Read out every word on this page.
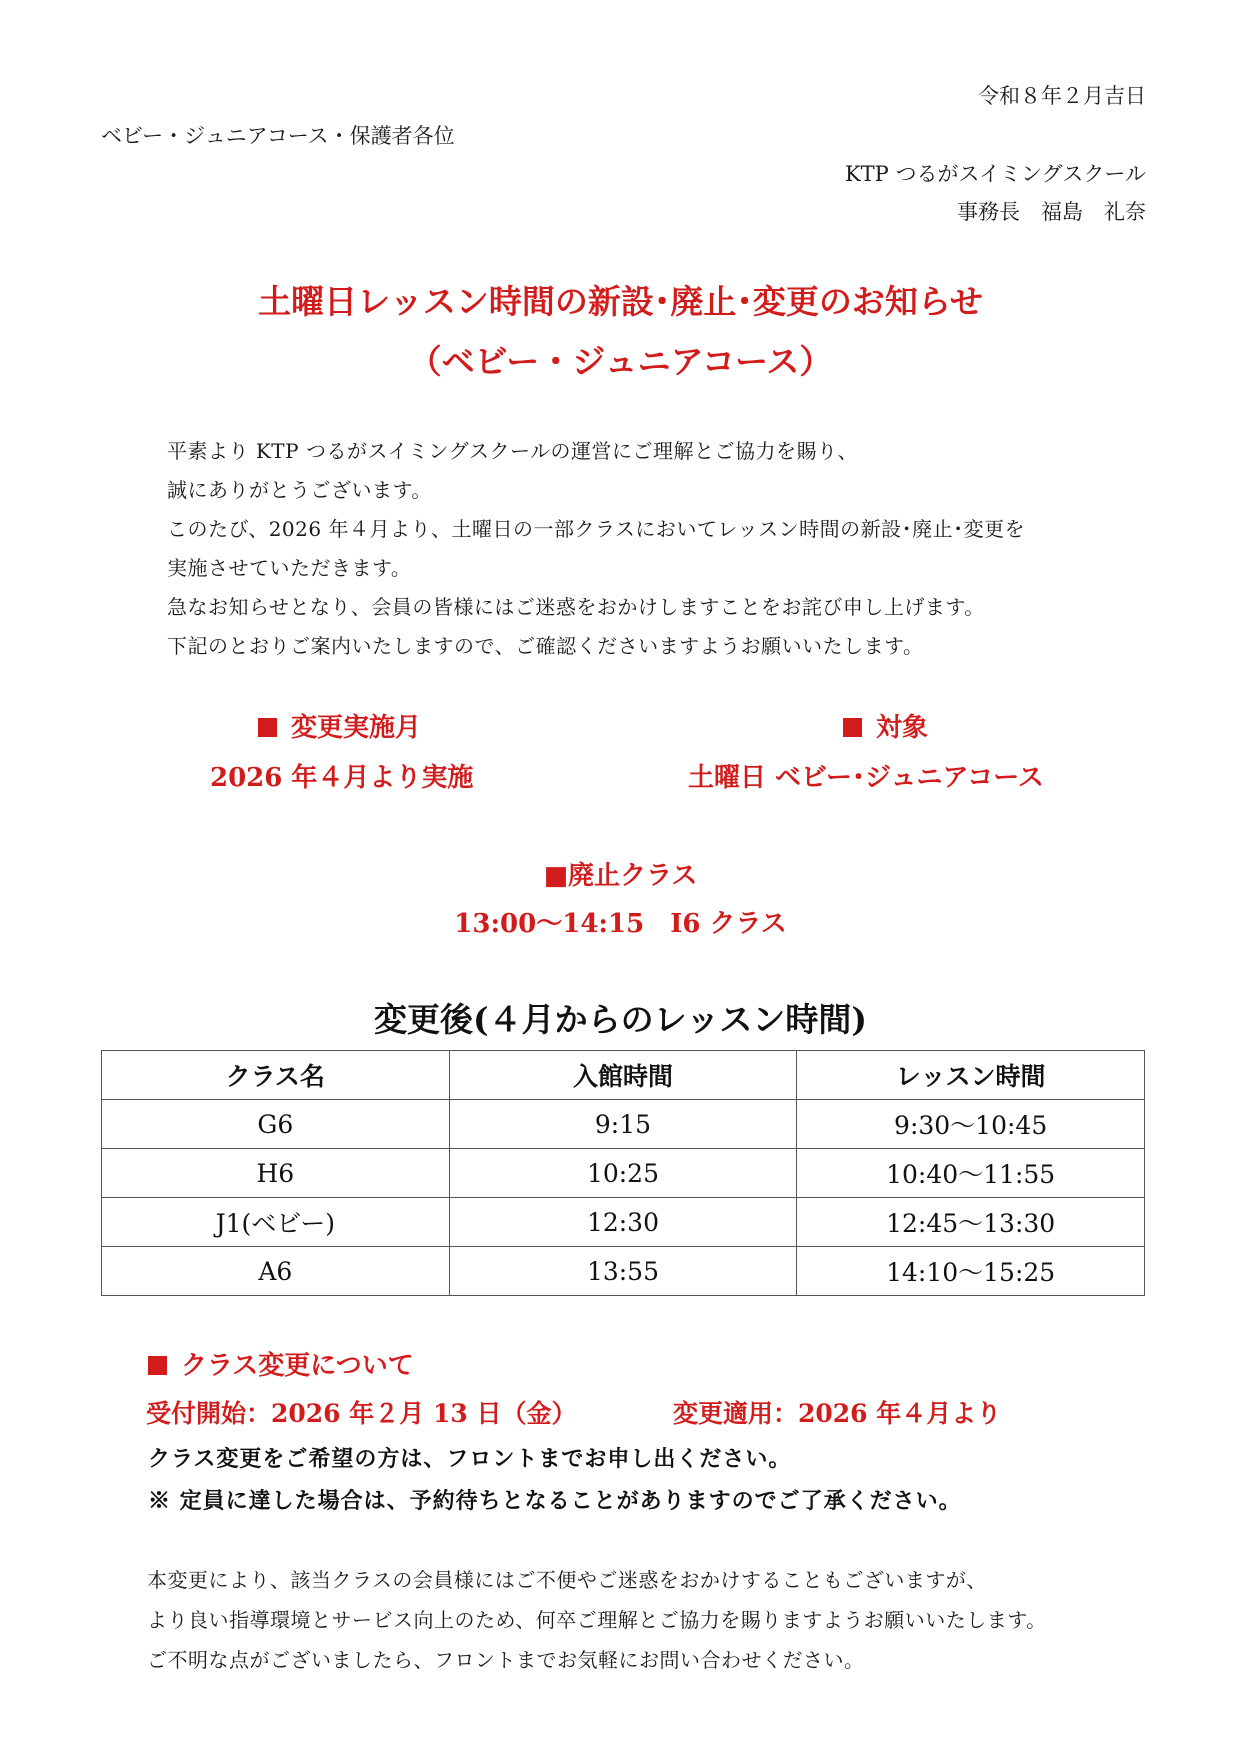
令和８年２月吉日
ベビー・ジュニアコース・保護者各位
KTP つるがスイミングスクール
事務長　福島　礼奈
土曜日レッスン時間の新設･廃止･変更のお知らせ
（ベビー・ジュニアコース）
平素より KTP つるがスイミングスクールの運営にご理解とご協力を賜り、
誠にありがとうございます。
このたび、2026 年４月より、土曜日の一部クラスにおいてレッスン時間の新設･廃止･変更を
実施させていただきます。
急なお知らせとなり、会員の皆様にはご迷惑をおかけしますことをお詫び申し上げます。
下記のとおりご案内いたしますので、ご確認くださいますようお願いいたします。
変更実施月
2026 年４月より実施
対象
土曜日 ベビー･ジュニアコース
■廃止クラス
13:00～14:15　I6 クラス
変更後(４月からのレッスン時間)
クラス名	入館時間	レッスン時間
G6	9:15	9:30～10:45
H6	10:25	10:40～11:55
J1(ベビー)	12:30	12:45～13:30
A6	13:55	14:10～15:25
クラス変更について
受付開始：2026 年２月 13 日（金）	変更適用：2026 年４月より
クラス変更をご希望の方は、フロントまでお申し出ください。
※ 定員に達した場合は、予約待ちとなることがありますのでご了承ください。
本変更により、該当クラスの会員様にはご不便やご迷惑をおかけすることもございますが、
より良い指導環境とサービス向上のため、何卒ご理解とご協力を賜りますようお願いいたします。
ご不明な点がございましたら、フロントまでお気軽にお問い合わせください。
